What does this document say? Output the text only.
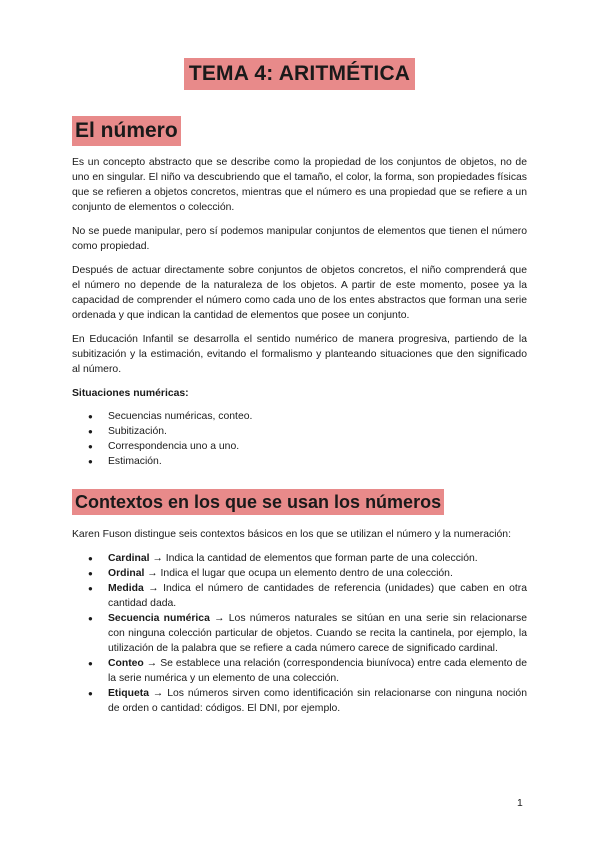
TEMA 4: ARITMÉTICA
El número

Es un concepto abstracto que se describe como la propiedad de los conjuntos de objetos, no de uno en singular. El niño va descubriendo que el tamaño, el color, la forma, son propiedades físicas que se refieren a objetos concretos, mientras que el número es una propiedad que se refiere a un conjunto de elementos o colección.

No se puede manipular, pero sí podemos manipular conjuntos de elementos que tienen el número como propiedad.

Después de actuar directamente sobre conjuntos de objetos concretos, el niño comprenderá que el número no depende de la naturaleza de los objetos. A partir de este momento, posee ya la capacidad de comprender el número como cada uno de los entes abstractos que forman una serie ordenada y que indican la cantidad de elementos que posee un conjunto.

En Educación Infantil se desarrolla el sentido numérico de manera progresiva, partiendo de la subitización y la estimación, evitando el formalismo y planteando situaciones que den significado al número.

Situaciones numéricas:
● Secuencias numéricas, conteo.
● Subitización.
● Correspondencia uno a uno.
● Estimación.
Contextos en los que se usan los números

Karen Fuson distingue seis contextos básicos en los que se utilizan el número y la numeración:

● Cardinal → Indica la cantidad de elementos que forman parte de una colección.
● Ordinal → Indica el lugar que ocupa un elemento dentro de una colección.
● Medida → Indica el número de cantidades de referencia (unidades) que caben en otra cantidad dada.
● Secuencia numérica → Los números naturales se sitúan en una serie sin relacionarse con ninguna colección particular de objetos. Cuando se recita la cantinela, por ejemplo, la utilización de la palabra que se refiere a cada número carece de significado cardinal.
● Conteo → Se establece una relación (correspondencia biunívoca) entre cada elemento de la serie numérica y un elemento de una colección.
● Etiqueta → Los números sirven como identificación sin relacionarse con ninguna noción de orden o cantidad: códigos. El DNI, por ejemplo.
1
